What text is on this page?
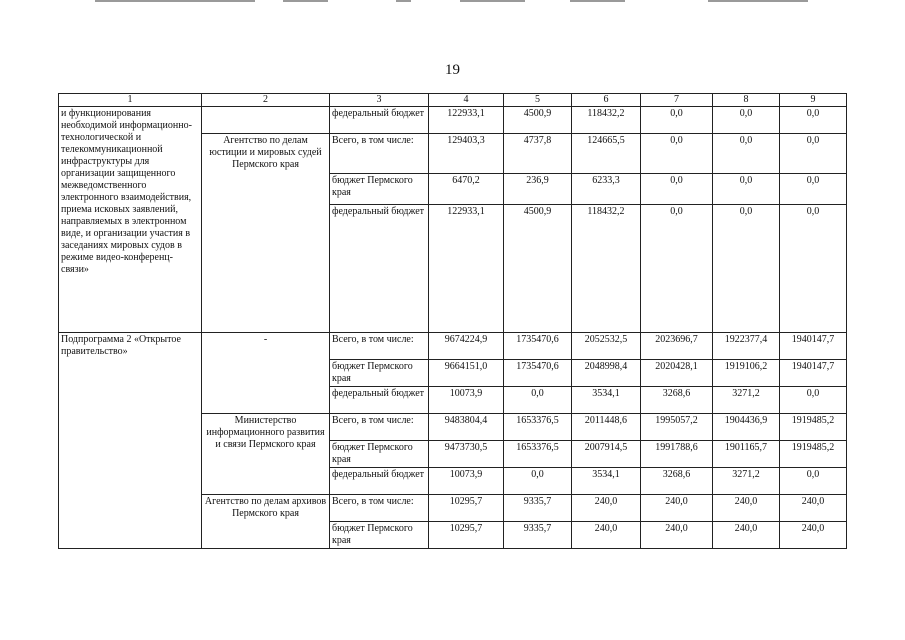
19
1	2	3	4	5	6	7	8	9
и функционирования необходимой информационно-технологической и телекоммуникационной инфраструктуры для организации защищенного межведомственного электронного взаимодействия, приема исковых заявлений, направляемых в электронном виде, и организации участия в заседаниях мировых судов в режиме видео-конференц-связи»		федеральный бюджет	122933,1	4500,9	118432,2	0,0	0,0	0,0
	Агентство по делам юстиции и мировых судей Пермского края	Всего, в том числе:	129403,3	4737,8	124665,5	0,0	0,0	0,0
		бюджет Пермского края	6470,2	236,9	6233,3	0,0	0,0	0,0
		федеральный бюджет	122933,1	4500,9	118432,2	0,0	0,0	0,0
Подпрограмма 2 «Открытое правительство»	-	Всего, в том числе:	9674224,9	1735470,6	2052532,5	2023696,7	1922377,4	1940147,7
		бюджет Пермского края	9664151,0	1735470,6	2048998,4	2020428,1	1919106,2	1940147,7
		федеральный бюджет	10073,9	0,0	3534,1	3268,6	3271,2	0,0
	Министерство информационного развития и связи Пермского края	Всего, в том числе:	9483804,4	1653376,5	2011448,6	1995057,2	1904436,9	1919485,2
		бюджет Пермского края	9473730,5	1653376,5	2007914,5	1991788,6	1901165,7	1919485,2
		федеральный бюджет	10073,9	0,0	3534,1	3268,6	3271,2	0,0
	Агентство по делам архивов Пермского края	Всего, в том числе:	10295,7	9335,7	240,0	240,0	240,0	240,0
		бюджет Пермского края	10295,7	9335,7	240,0	240,0	240,0	240,0
